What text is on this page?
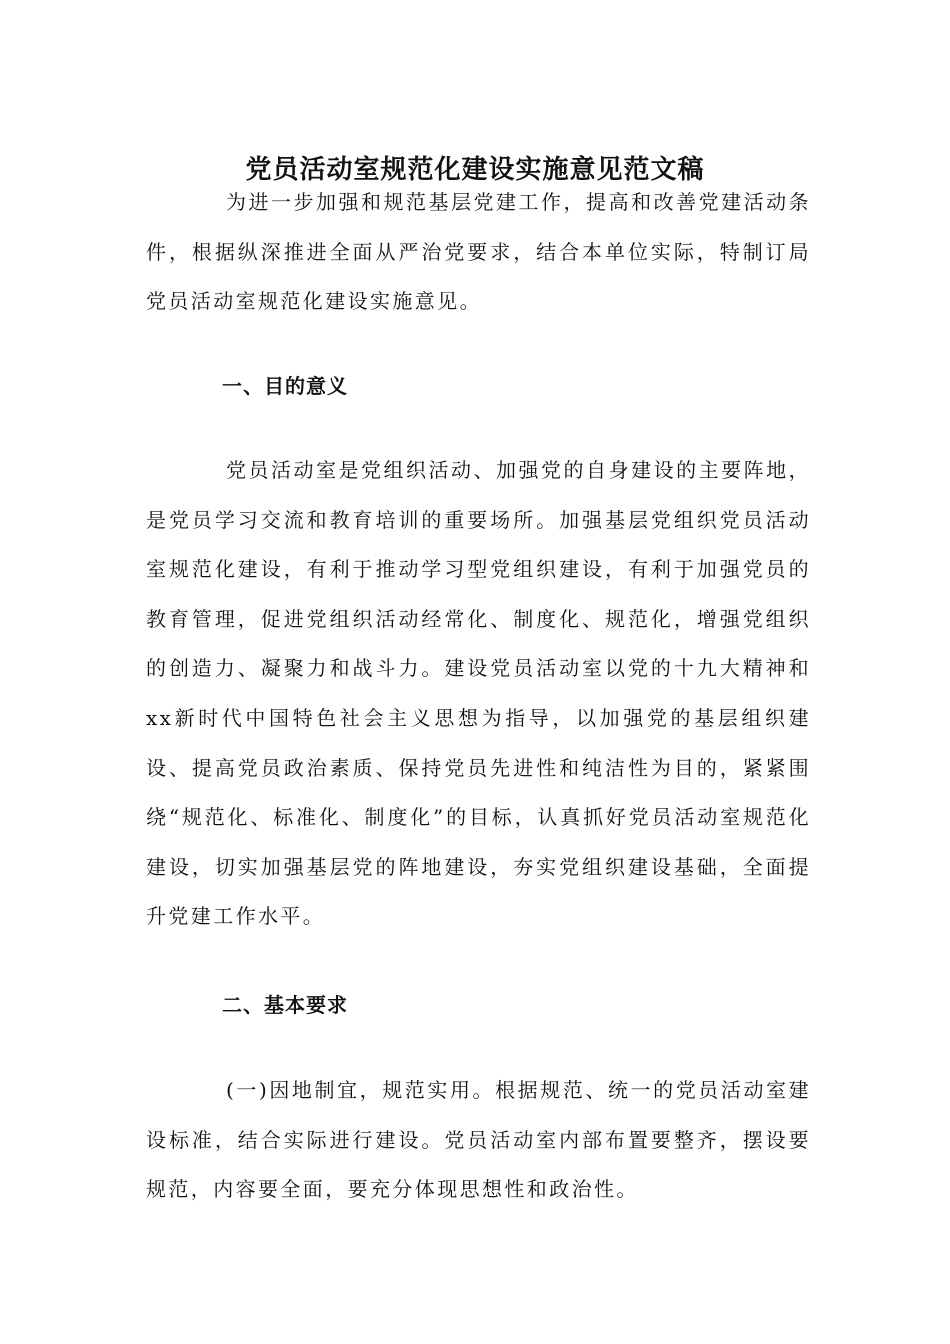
党员活动室规范化建设实施意见范文稿

为进一步加强和规范基层党建工作，提高和改善党建活动条件，根据纵深推进全面从严治党要求，结合本单位实际，特制订局党员活动室规范化建设实施意见。

一、目的意义

党员活动室是党组织活动、加强党的自身建设的主要阵地，是党员学习交流和教育培训的重要场所。加强基层党组织党员活动室规范化建设，有利于推动学习型党组织建设，有利于加强党员的教育管理，促进党组织活动经常化、制度化、规范化，增强党组织的创造力、凝聚力和战斗力。建设党员活动室以党的十九大精神和xx新时代中国特色社会主义思想为指导，以加强党的基层组织建设、提高党员政治素质、保持党员先进性和纯洁性为目的，紧紧围绕“规范化、标准化、制度化”的目标，认真抓好党员活动室规范化建设，切实加强基层党的阵地建设，夯实党组织建设基础，全面提升党建工作水平。

二、基本要求

(一)因地制宜，规范实用。根据规范、统一的党员活动室建设标准，结合实际进行建设。党员活动室内部布置要整齐，摆设要规范，内容要全面，要充分体现思想性和政治性。
